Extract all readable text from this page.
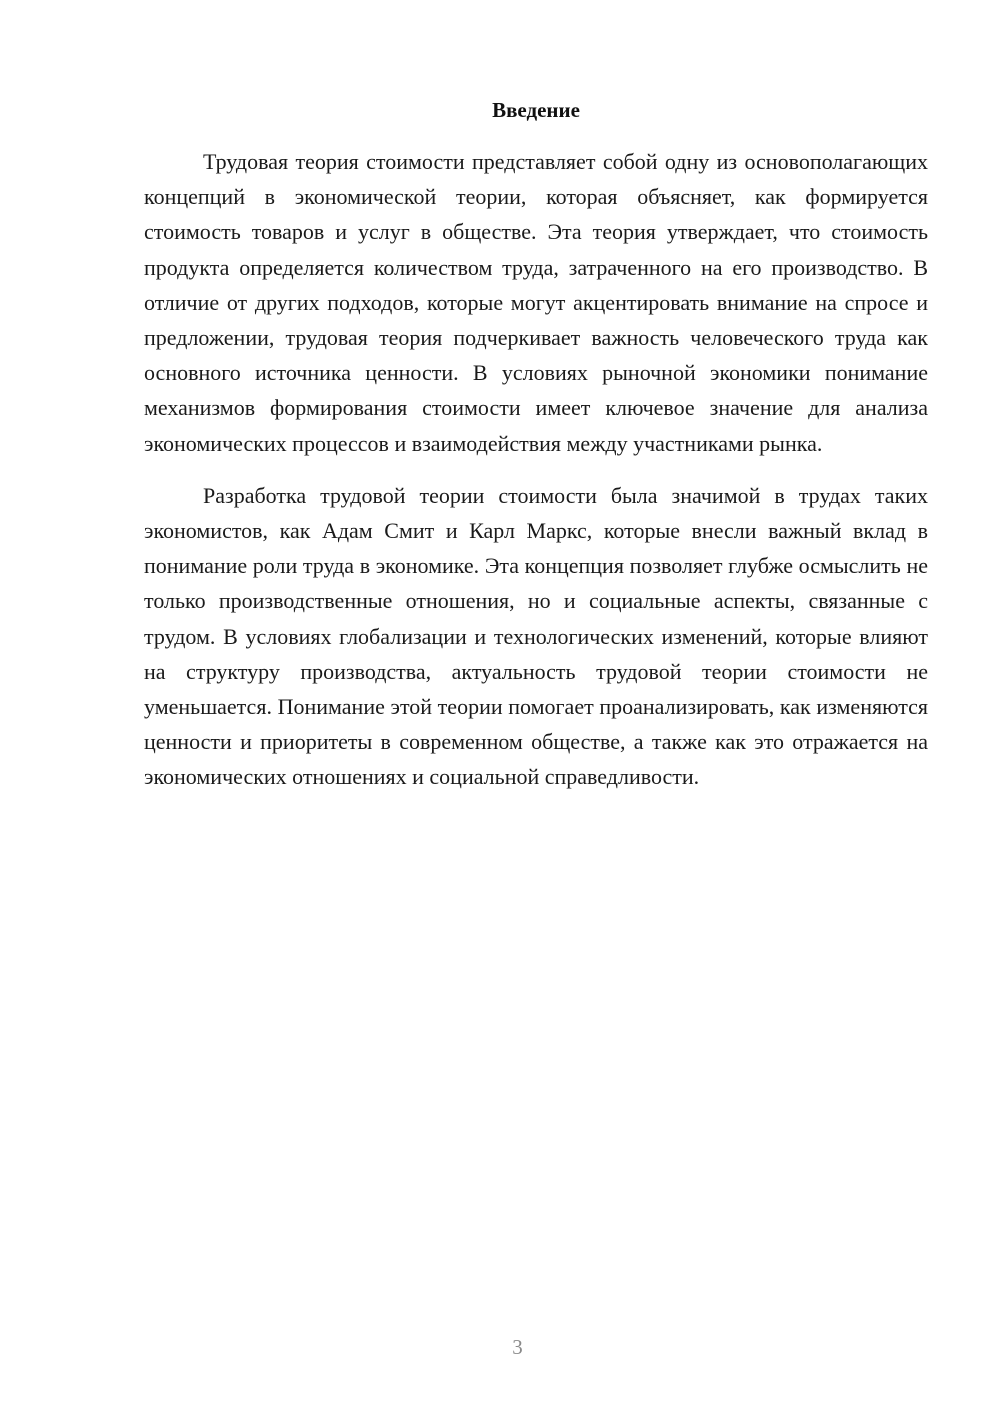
Введение

Трудовая теория стоимости представляет собой одну из основополагающих концепций в экономической теории, которая объясняет, как формируется стоимость товаров и услуг в обществе. Эта теория утверждает, что стоимость продукта определяется количеством труда, затраченного на его производство. В отличие от других подходов, которые могут акцентировать внимание на спросе и предложении, трудовая теория подчеркивает важность человеческого труда как основного источника ценности. В условиях рыночной экономики понимание механизмов формирования стоимости имеет ключевое значение для анализа экономических процессов и взаимодействия между участниками рынка.

Разработка трудовой теории стоимости была значимой в трудах таких экономистов, как Адам Смит и Карл Маркс, которые внесли важный вклад в понимание роли труда в экономике. Эта концепция позволяет глубже осмыслить не только производственные отношения, но и социальные аспекты, связанные с трудом. В условиях глобализации и технологических изменений, которые влияют на структуру производства, актуальность трудовой теории стоимости не уменьшается. Понимание этой теории помогает проанализировать, как изменяются ценности и приоритеты в современном обществе, а также как это отражается на экономических отношениях и социальной справедливости.

3
